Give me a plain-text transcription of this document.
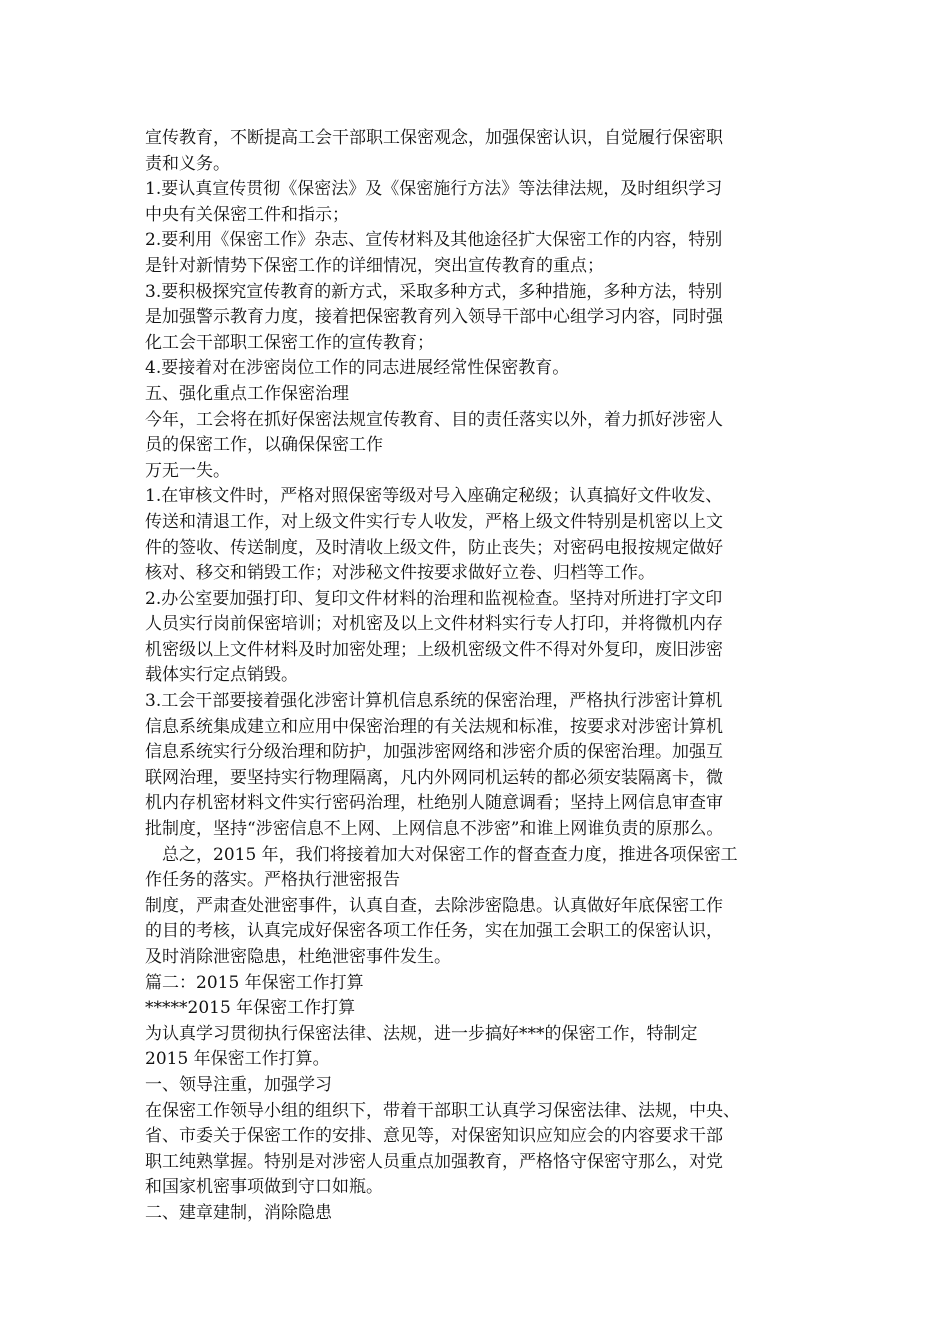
宣传教育，不断提高工会干部职工保密观念，加强保密认识，自觉履行保密职
责和义务。
1.要认真宣传贯彻《保密法》及《保密施行方法》等法律法规，及时组织学习
中央有关保密工件和指示；
2.要利用《保密工作》杂志、宣传材料及其他途径扩大保密工作的内容，特别
是针对新情势下保密工作的详细情况，突出宣传教育的重点；
3.要积极探究宣传教育的新方式，采取多种方式，多种措施，多种方法，特别
是加强警示教育力度，接着把保密教育列入领导干部中心组学习内容，同时强
化工会干部职工保密工作的宣传教育；
4.要接着对在涉密岗位工作的同志进展经常性保密教育。
五、强化重点工作保密治理
今年，工会将在抓好保密法规宣传教育、目的责任落实以外，着力抓好涉密人
员的保密工作，以确保保密工作
万无一失。
1.在审核文件时，严格对照保密等级对号入座确定秘级；认真搞好文件收发、
传送和清退工作，对上级文件实行专人收发，严格上级文件特别是机密以上文
件的签收、传送制度，及时清收上级文件，防止丧失；对密码电报按规定做好
核对、移交和销毁工作；对涉秘文件按要求做好立卷、归档等工作。
2.办公室要加强打印、复印文件材料的治理和监视检查。坚持对所进打字文印
人员实行岗前保密培训；对机密及以上文件材料实行专人打印，并将微机内存
机密级以上文件材料及时加密处理；上级机密级文件不得对外复印，废旧涉密
载体实行定点销毁。
3.工会干部要接着强化涉密计算机信息系统的保密治理，严格执行涉密计算机
信息系统集成建立和应用中保密治理的有关法规和标准，按要求对涉密计算机
信息系统实行分级治理和防护，加强涉密网络和涉密介质的保密治理。加强互
联网治理，要坚持实行物理隔离，凡内外网同机运转的都必须安装隔离卡，微
机内存机密材料文件实行密码治理，杜绝别人随意调看；坚持上网信息审查审
批制度，坚持“涉密信息不上网、上网信息不涉密”和谁上网谁负责的原那么。
　总之，2015 年，我们将接着加大对保密工作的督查查力度，推进各项保密工
作任务的落实。严格执行泄密报告
制度，严肃查处泄密事件，认真自查，去除涉密隐患。认真做好年底保密工作
的目的考核，认真完成好保密各项工作任务，实在加强工会职工的保密认识，
及时消除泄密隐患，杜绝泄密事件发生。
篇二：2015 年保密工作打算
*****2015 年保密工作打算
为认真学习贯彻执行保密法律、法规，进一步搞好***的保密工作，特制定
2015 年保密工作打算。
一、领导注重，加强学习
在保密工作领导小组的组织下，带着干部职工认真学习保密法律、法规，中央、
省、市委关于保密工作的安排、意见等，对保密知识应知应会的内容要求干部
职工纯熟掌握。特别是对涉密人员重点加强教育，严格恪守保密守那么，对党
和国家机密事项做到守口如瓶。
二、建章建制，消除隐患
